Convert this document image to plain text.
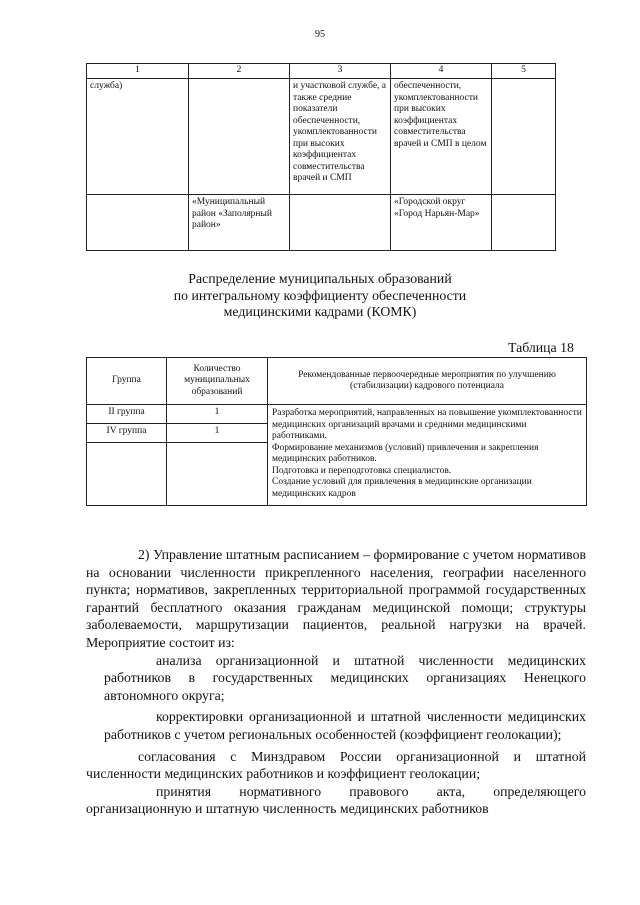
95
1	2	3	4	5
служба)		и участковой службе, а также средние показатели обеспеченности, укомплектованности при высоких коэффициентах совместительства врачей и СМП	обеспеченности, укомплектованности при высоких коэффициентах совместительства врачей и СМП в целом	
	«Муниципальный район «Заполярный район»		«Городской округ «Город Нарьян-Мар»	
Распределение муниципальных образований
по интегральному коэффициенту обеспеченности
медицинскими кадрами (КОМК)
Таблица 18
Группа	Количество муниципальных образований	Рекомендованные первоочередные мероприятия по улучшению (стабилизации) кадрового потенциала
II группа	1	Разработка мероприятий, направленных на повышение укомплектованности медицинских организаций врачами и средними медицинскими работниками.
Формирование механизмов (условий) привлечения и закрепления медицинских работников.
Подготовка и переподготовка специалистов.
Создание условий для привлечения в медицинские организации медицинских кадров

IV группа	1	

2) Управление штатным расписанием – формирование с учетом нормативов на основании численности прикрепленного населения, географии населенного пункта; нормативов, закрепленных территориальной программой государственных гарантий бесплатного оказания гражданам медицинской помощи; структуры заболеваемости, маршрутизации пациентов, реальной нагрузки на врачей. Мероприятие состоит из:

анализа организационной и штатной численности медицинских работников в государственных медицинских организациях Ненецкого автономного округа;

корректировки организационной и штатной численности медицинских работников с учетом региональных особенностей (коэффициент геолокации);

согласования с Минздравом России организационной и штатной численности медицинских работников и коэффициент геолокации;

принятия нормативного правового акта, определяющего организационную и штатную численность медицинских работников
